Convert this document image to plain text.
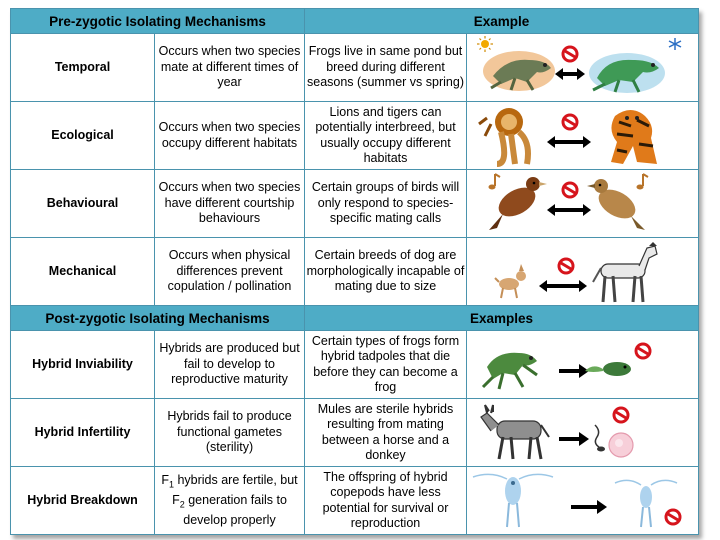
Pre-zygotic Isolating Mechanisms		Example	
Temporal	Occurs when two species mate at different times of year	Frogs live in same pond but breed during different seasons (summer vs spring)	

Ecological	Occurs when two species occupy different habitats	Lions and tigers can potentially interbreed, but usually occupy different habitats	

Behavioural	Occurs when two species have different courtship behaviours	Certain groups of birds will only respond to species-specific mating calls	

Mechanical	Occurs when physical differences prevent copulation / pollination	Certain breeds of dog are morphologically incapable of mating due to size	

Post-zygotic Isolating Mechanisms		Examples	
Hybrid Inviability	Hybrids are produced but fail to develop to reproductive maturity	Certain types of frogs form hybrid tadpoles that die before they can become a frog	

Hybrid Infertility	Hybrids fail to produce functional gametes (sterility)	Mules are sterile hybrids resulting from mating between a horse and a donkey	

Hybrid Breakdown	$F_1$ hybrids are fertile, but $F_2$ generation fails to develop properly	The offspring of hybrid copepods have less potential for survival or reproduction	
